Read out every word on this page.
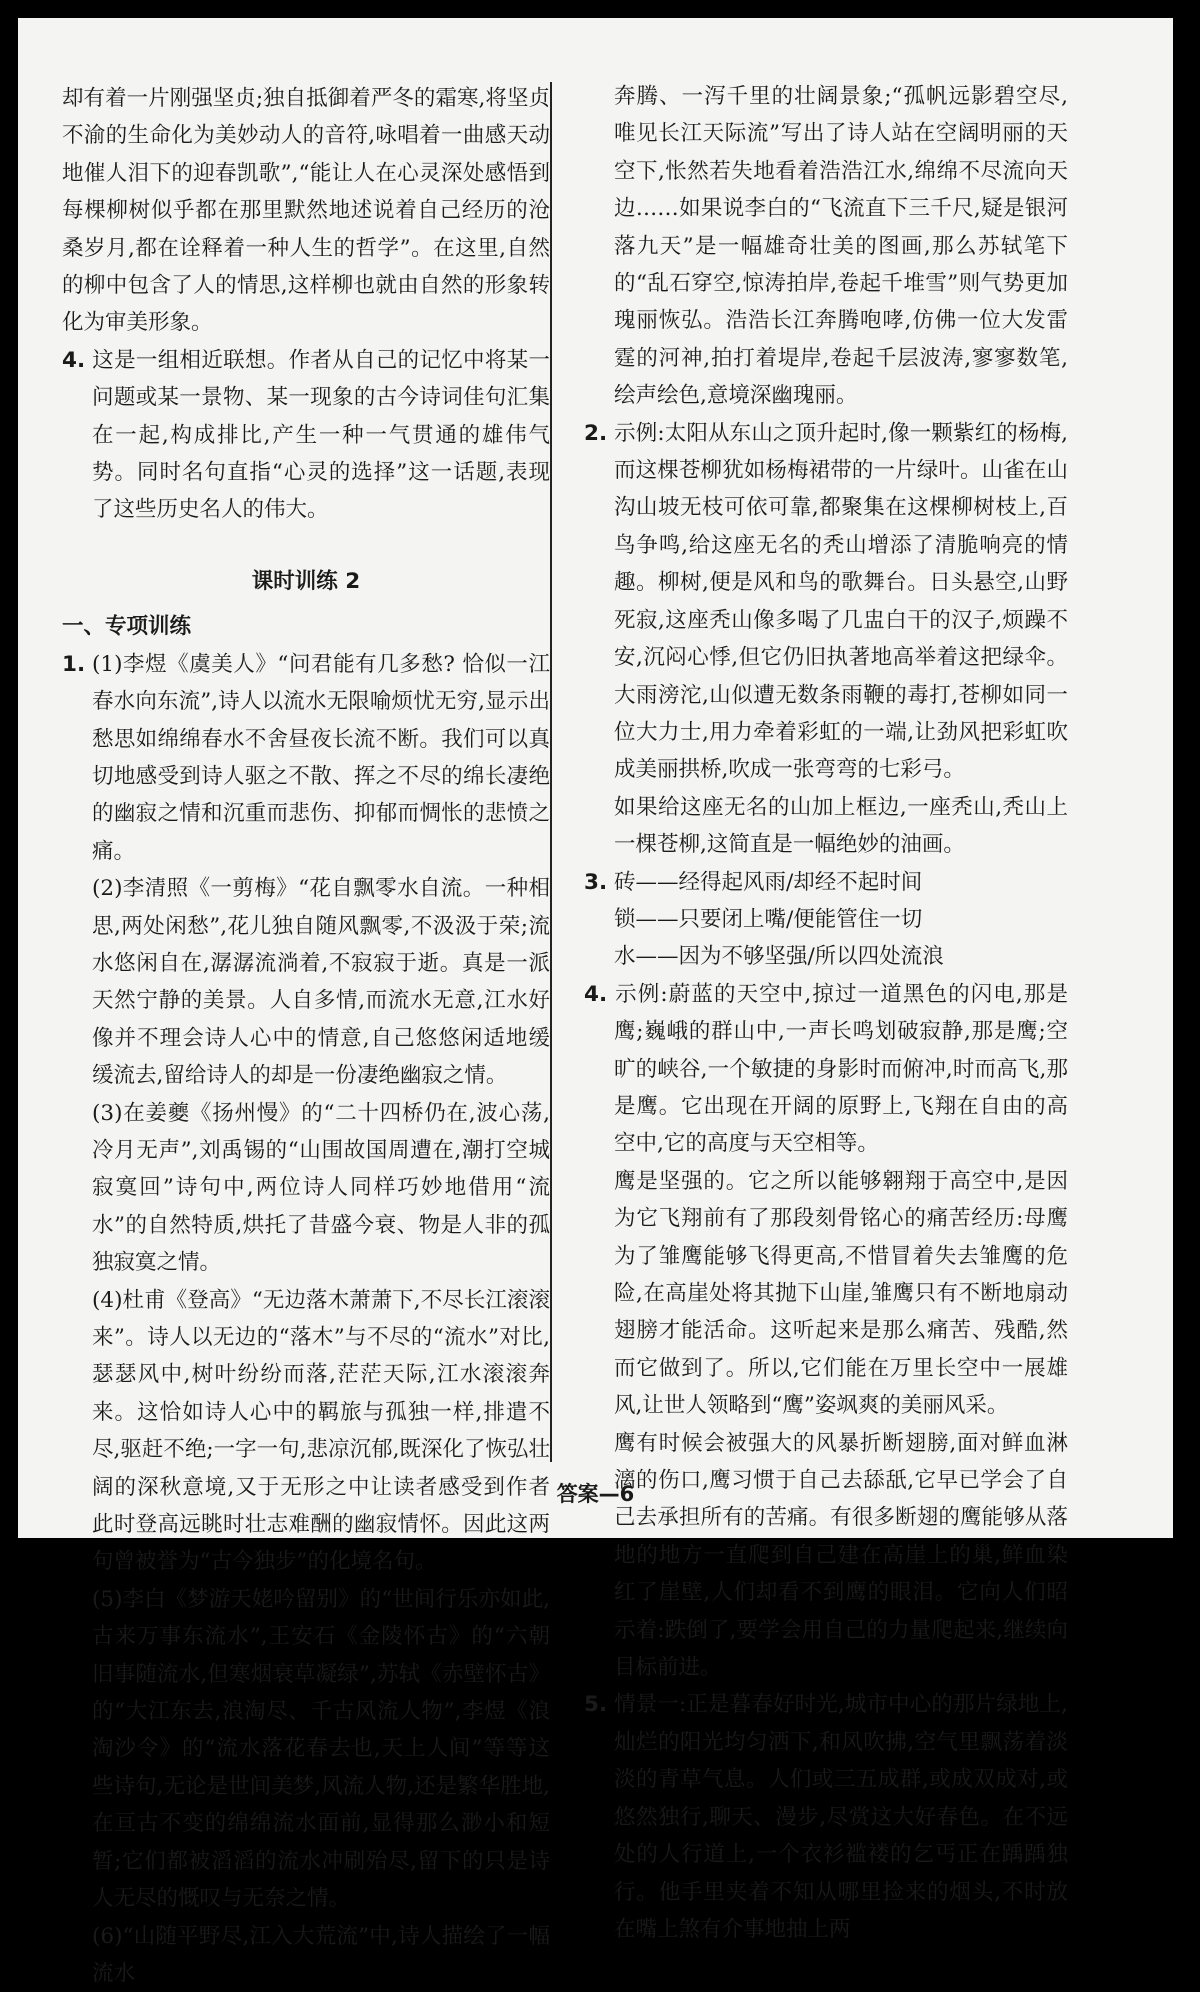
却有着一片刚强坚贞;独自抵御着严冬的霜寒,将坚贞不渝的生命化为美妙动人的音符,咏唱着一曲感天动地催人泪下的迎春凯歌”,“能让人在心灵深处感悟到每棵柳树似乎都在那里默然地述说着自己经历的沧桑岁月,都在诠释着一种人生的哲学”。在这里,自然的柳中包含了人的情思,这样柳也就由自然的形象转化为审美形象。

4. 这是一组相近联想。作者从自己的记忆中将某一问题或某一景物、某一现象的古今诗词佳句汇集在一起,构成排比,产生一种一气贯通的雄伟气势。同时名句直指“心灵的选择”这一话题,表现了这些历史名人的伟大。

课时训练 2

一、专项训练

1. (1)李煜《虞美人》“问君能有几多愁? 恰似一江春水向东流”,诗人以流水无限喻烦忧无穷,显示出愁思如绵绵春水不舍昼夜长流不断。我们可以真切地感受到诗人驱之不散、挥之不尽的绵长凄绝的幽寂之情和沉重而悲伤、抑郁而惆怅的悲愤之痛。

(2)李清照《一剪梅》“花自飘零水自流。一种相思,两处闲愁”,花儿独自随风飘零,不汲汲于荣;流水悠闲自在,潺潺流淌着,不寂寂于逝。真是一派天然宁静的美景。人自多情,而流水无意,江水好像并不理会诗人心中的情意,自己悠悠闲适地缓缓流去,留给诗人的却是一份凄绝幽寂之情。

(3)在姜夔《扬州慢》的“二十四桥仍在,波心荡,冷月无声”,刘禹锡的“山围故国周遭在,潮打空城寂寞回”诗句中,两位诗人同样巧妙地借用“流水”的自然特质,烘托了昔盛今衰、物是人非的孤独寂寞之情。

(4)杜甫《登高》“无边落木萧萧下,不尽长江滚滚来”。诗人以无边的“落木”与不尽的“流水”对比,瑟瑟风中,树叶纷纷而落,茫茫天际,江水滚滚奔来。这恰如诗人心中的羁旅与孤独一样,排遣不尽,驱赶不绝;一字一句,悲凉沉郁,既深化了恢弘壮阔的深秋意境,又于无形之中让读者感受到作者此时登高远眺时壮志难酬的幽寂情怀。因此这两句曾被誉为“古今独步”的化境名句。

(5)李白《梦游天姥吟留别》的“世间行乐亦如此,古来万事东流水”,王安石《金陵怀古》的“六朝旧事随流水,但寒烟衰草凝绿”,苏轼《赤壁怀古》的“大江东去,浪淘尽、千古风流人物”,李煜《浪淘沙令》的“流水落花春去也,天上人间”等等这些诗句,无论是世间美梦,风流人物,还是繁华胜地,在亘古不变的绵绵流水面前,显得那么渺小和短暂;它们都被滔滔的流水冲刷殆尽,留下的只是诗人无尽的慨叹与无奈之情。

(6)“山随平野尽,江入大荒流”中,诗人描绘了一幅流水

奔腾、一泻千里的壮阔景象;“孤帆远影碧空尽,唯见长江天际流”写出了诗人站在空阔明丽的天空下,怅然若失地看着浩浩江水,绵绵不尽流向天边……如果说李白的“飞流直下三千尺,疑是银河落九天”是一幅雄奇壮美的图画,那么苏轼笔下的“乱石穿空,惊涛拍岸,卷起千堆雪”则气势更加瑰丽恢弘。浩浩长江奔腾咆哮,仿佛一位大发雷霆的河神,拍打着堤岸,卷起千层波涛,寥寥数笔,绘声绘色,意境深幽瑰丽。

2. 示例:太阳从东山之顶升起时,像一颗紫红的杨梅,而这棵苍柳犹如杨梅裙带的一片绿叶。山雀在山沟山坡无枝可依可靠,都聚集在这棵柳树枝上,百鸟争鸣,给这座无名的秃山增添了清脆响亮的情趣。柳树,便是风和鸟的歌舞台。日头悬空,山野死寂,这座秃山像多喝了几盅白干的汉子,烦躁不安,沉闷心悸,但它仍旧执著地高举着这把绿伞。大雨滂沱,山似遭无数条雨鞭的毒打,苍柳如同一位大力士,用力牵着彩虹的一端,让劲风把彩虹吹成美丽拱桥,吹成一张弯弯的七彩弓。

如果给这座无名的山加上框边,一座秃山,秃山上一棵苍柳,这简直是一幅绝妙的油画。

3. 砖——经得起风雨/却经不起时间

锁——只要闭上嘴/便能管住一切

水——因为不够坚强/所以四处流浪

4. 示例:蔚蓝的天空中,掠过一道黑色的闪电,那是鹰;巍峨的群山中,一声长鸣划破寂静,那是鹰;空旷的峡谷,一个敏捷的身影时而俯冲,时而高飞,那是鹰。它出现在开阔的原野上,飞翔在自由的高空中,它的高度与天空相等。

鹰是坚强的。它之所以能够翱翔于高空中,是因为它飞翔前有了那段刻骨铭心的痛苦经历:母鹰为了雏鹰能够飞得更高,不惜冒着失去雏鹰的危险,在高崖处将其抛下山崖,雏鹰只有不断地扇动翅膀才能活命。这听起来是那么痛苦、残酷,然而它做到了。所以,它们能在万里长空中一展雄风,让世人领略到“鹰”姿飒爽的美丽风采。

鹰有时候会被强大的风暴折断翅膀,面对鲜血淋漓的伤口,鹰习惯于自己去舔舐,它早已学会了自己去承担所有的苦痛。有很多断翅的鹰能够从落地的地方一直爬到自己建在高崖上的巢,鲜血染红了崖壁,人们却看不到鹰的眼泪。它向人们昭示着:跌倒了,要学会用自己的力量爬起来,继续向目标前进。

5. 情景一:正是暮春好时光,城市中心的那片绿地上,灿烂的阳光均匀洒下,和风吹拂,空气里飘荡着淡淡的青草气息。人们或三五成群,或成双成对,或悠然独行,聊天、漫步,尽赏这大好春色。在不远处的人行道上,一个衣衫褴褛的乞丐正在踽踽独行。他手里夹着不知从哪里捡来的烟头,不时放在嘴上煞有介事地抽上两

答案—6
